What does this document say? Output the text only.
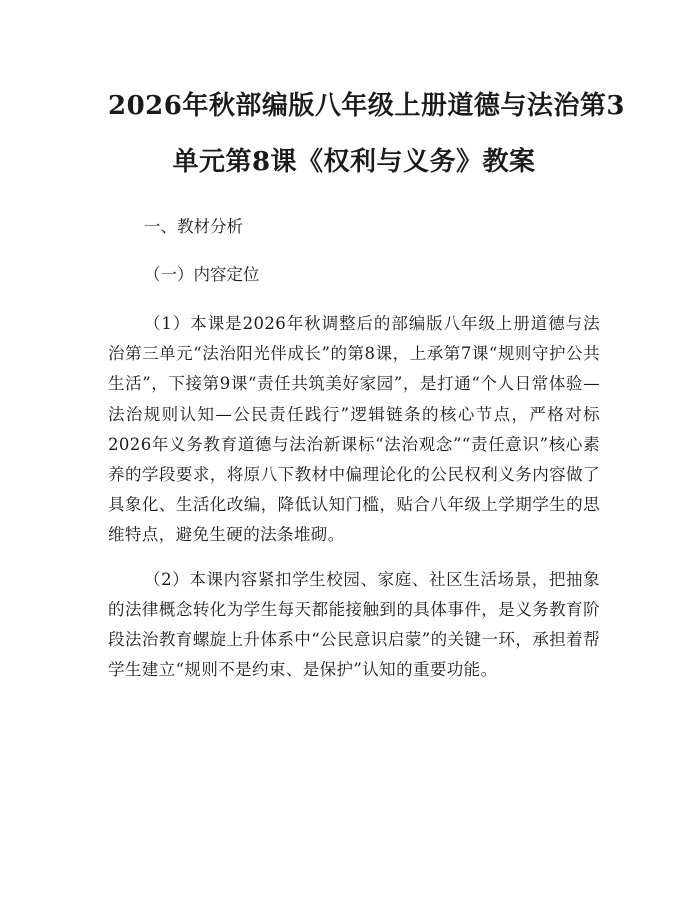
2026年秋部编版八年级上册道德与法治第3
单元第8课《权利与义务》教案

一、教材分析

（一）内容定位

（1）本课是2026年秋调整后的部编版八年级上册道德与法治第三单元“法治阳光伴成长”的第8课，上承第7课“规则守护公共生活”，下接第9课“责任共筑美好家园”，是打通“个人日常体验—法治规则认知—公民责任践行”逻辑链条的核心节点，严格对标2026年义务教育道德与法治新课标“法治观念”“责任意识”核心素养的学段要求，将原八下教材中偏理论化的公民权利义务内容做了具象化、生活化改编，降低认知门槛，贴合八年级上学期学生的思维特点，避免生硬的法条堆砌。

（2）本课内容紧扣学生校园、家庭、社区生活场景，把抽象的法律概念转化为学生每天都能接触到的具体事件，是义务教育阶段法治教育螺旋上升体系中“公民意识启蒙”的关键一环，承担着帮学生建立“规则不是约束、是保护”认知的重要功能。
